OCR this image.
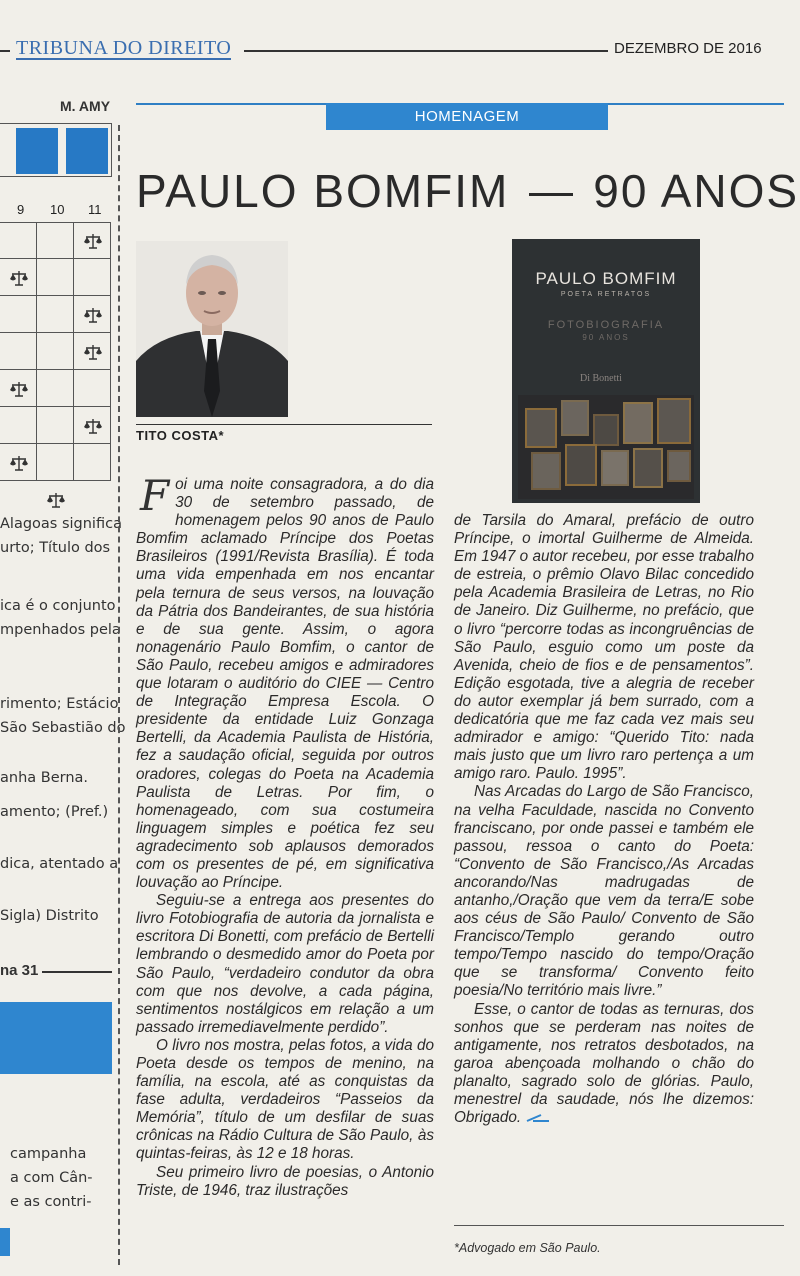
TRIBUNA DO DIREITO	DEZEMBRO DE 2016
M. AMY
9 10 11
Alagoas significa
urto; Título dos
ica é o conjunto
mpenhados pela
rimento; Estácio
São Sebastião do
anha Berna.
amento; (Pref.)
dica, atentado a
Sigla) Distrito
na 31
campanha
a com Cân-
e as contri-
HOMENAGEM
PAULO BOMFIM 90 ANOS
TITO COSTA*
PAULO BOMFIM
POETA RETRATOS
FOTOBIOGRAFIA
90 ANOS
Di Bonetti

Foi uma noite consagradora, a do dia 30 de setembro passado, de homenagem pelos 90 anos de Paulo Bomfim aclamado Príncipe dos Poetas Brasileiros (1991/Revista Brasília). É toda uma vida empenhada em nos encantar pela ternura de seus versos, na louvação da Pátria dos Bandeirantes, de sua história e de sua gente. Assim, o agora nonagenário Paulo Bomfim, o cantor de São Paulo, recebeu amigos e admiradores que lotaram o auditório do CIEE — Centro de Integração Empresa Escola. O presidente da entidade Luiz Gonzaga Bertelli, da Academia Paulista de História, fez a saudação oficial, seguida por outros oradores, colegas do Poeta na Academia Paulista de Letras. Por fim, o homenageado, com sua costumeira linguagem simples e poética fez seu agradecimento sob aplausos demorados com os presentes de pé, em significativa louvação ao Príncipe.

Seguiu-se a entrega aos presentes do livro Fotobiografia de autoria da jornalista e escritora Di Bonetti, com prefácio de Bertelli lembrando o desmedido amor do Poeta por São Paulo, “verdadeiro condutor da obra com que nos devolve, a cada página, sentimentos nostálgicos em relação a um passado irremediavelmente perdido”.

O livro nos mostra, pelas fotos, a vida do Poeta desde os tempos de menino, na família, na escola, até as conquistas da fase adulta, verdadeiros “Passeios da Memória”, título de um desfilar de suas crônicas na Rádio Cultura de São Paulo, às quintas-feiras, às 12 e 18 horas.

Seu primeiro livro de poesias, o Antonio Triste, de 1946, traz ilustrações

de Tarsila do Amaral, prefácio de outro Príncipe, o imortal Guilherme de Almeida. Em 1947 o autor recebeu, por esse trabalho de estreia, o prêmio Olavo Bilac concedido pela Academia Brasileira de Letras, no Rio de Janeiro. Diz Guilherme, no prefácio, que o livro “percorre todas as incongruências de São Paulo, esguio como um poste da Avenida, cheio de fios e de pensamentos”. Edição esgotada, tive a alegria de receber do autor exemplar já bem surrado, com a dedicatória que me faz cada vez mais seu admirador e amigo: “Querido Tito: nada mais justo que um livro raro pertença a um amigo raro. Paulo. 1995”.

Nas Arcadas do Largo de São Francisco, na velha Faculdade, nascida no Convento franciscano, por onde passei e também ele passou, ressoa o canto do Poeta: “Convento de São Francisco,/As Arcadas ancorando/Nas madrugadas de antanho,/Oração que vem da terra/E sobe aos céus de São Paulo/ Convento de São Francisco/Templo gerando outro tempo/Tempo nascido do tempo/Oração que se transforma/ Convento feito poesia/No território mais livre.”

Esse, o cantor de todas as ternuras, dos sonhos que se perderam nas noites de antigamente, nos retratos desbotados, na garoa abençoada molhando o chão do planalto, sagrado solo de glórias. Paulo, menestrel da saudade, nós lhe dizemos: Obrigado.

*Advogado em São Paulo.
